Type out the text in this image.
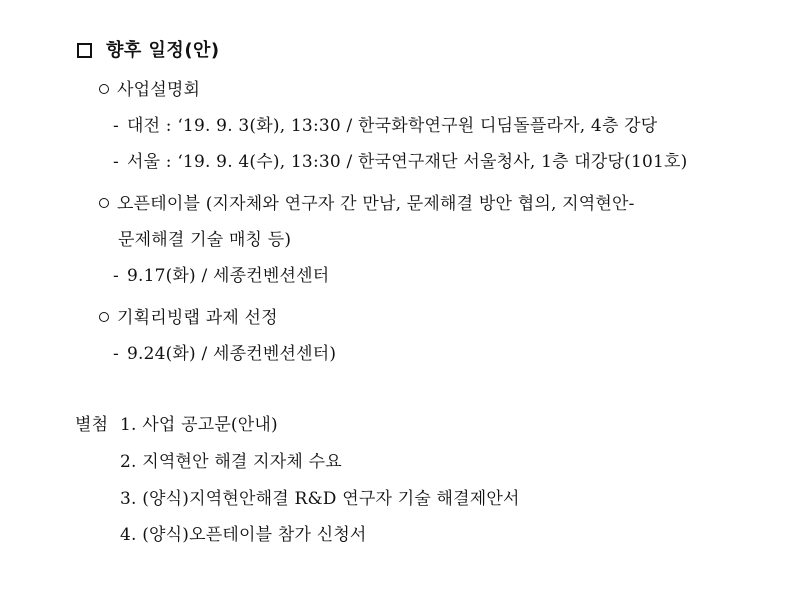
향후 일정(안)
사업설명회
- 대전 : ‘19. 9. 3(화), 13:30 / 한국화학연구원 디딤돌플라자, 4층 강당
- 서울 : ‘19. 9. 4(수), 13:30 / 한국연구재단 서울청사, 1층 대강당(101호)
오픈테이블 (지자체와 연구자 간 만남, 문제해결 방안 협의, 지역현안-
문제해결 기술 매칭 등)
- 9.17(화) / 세종컨벤션센터
기획리빙랩 과제 선정
- 9.24(화) / 세종컨벤션센터)
별첨 1. 사업 공고문(안내)
2. 지역현안 해결 지자체 수요
3. (양식)지역현안해결 R&D 연구자 기술 해결제안서
4. (양식)오픈테이블 참가 신청서
